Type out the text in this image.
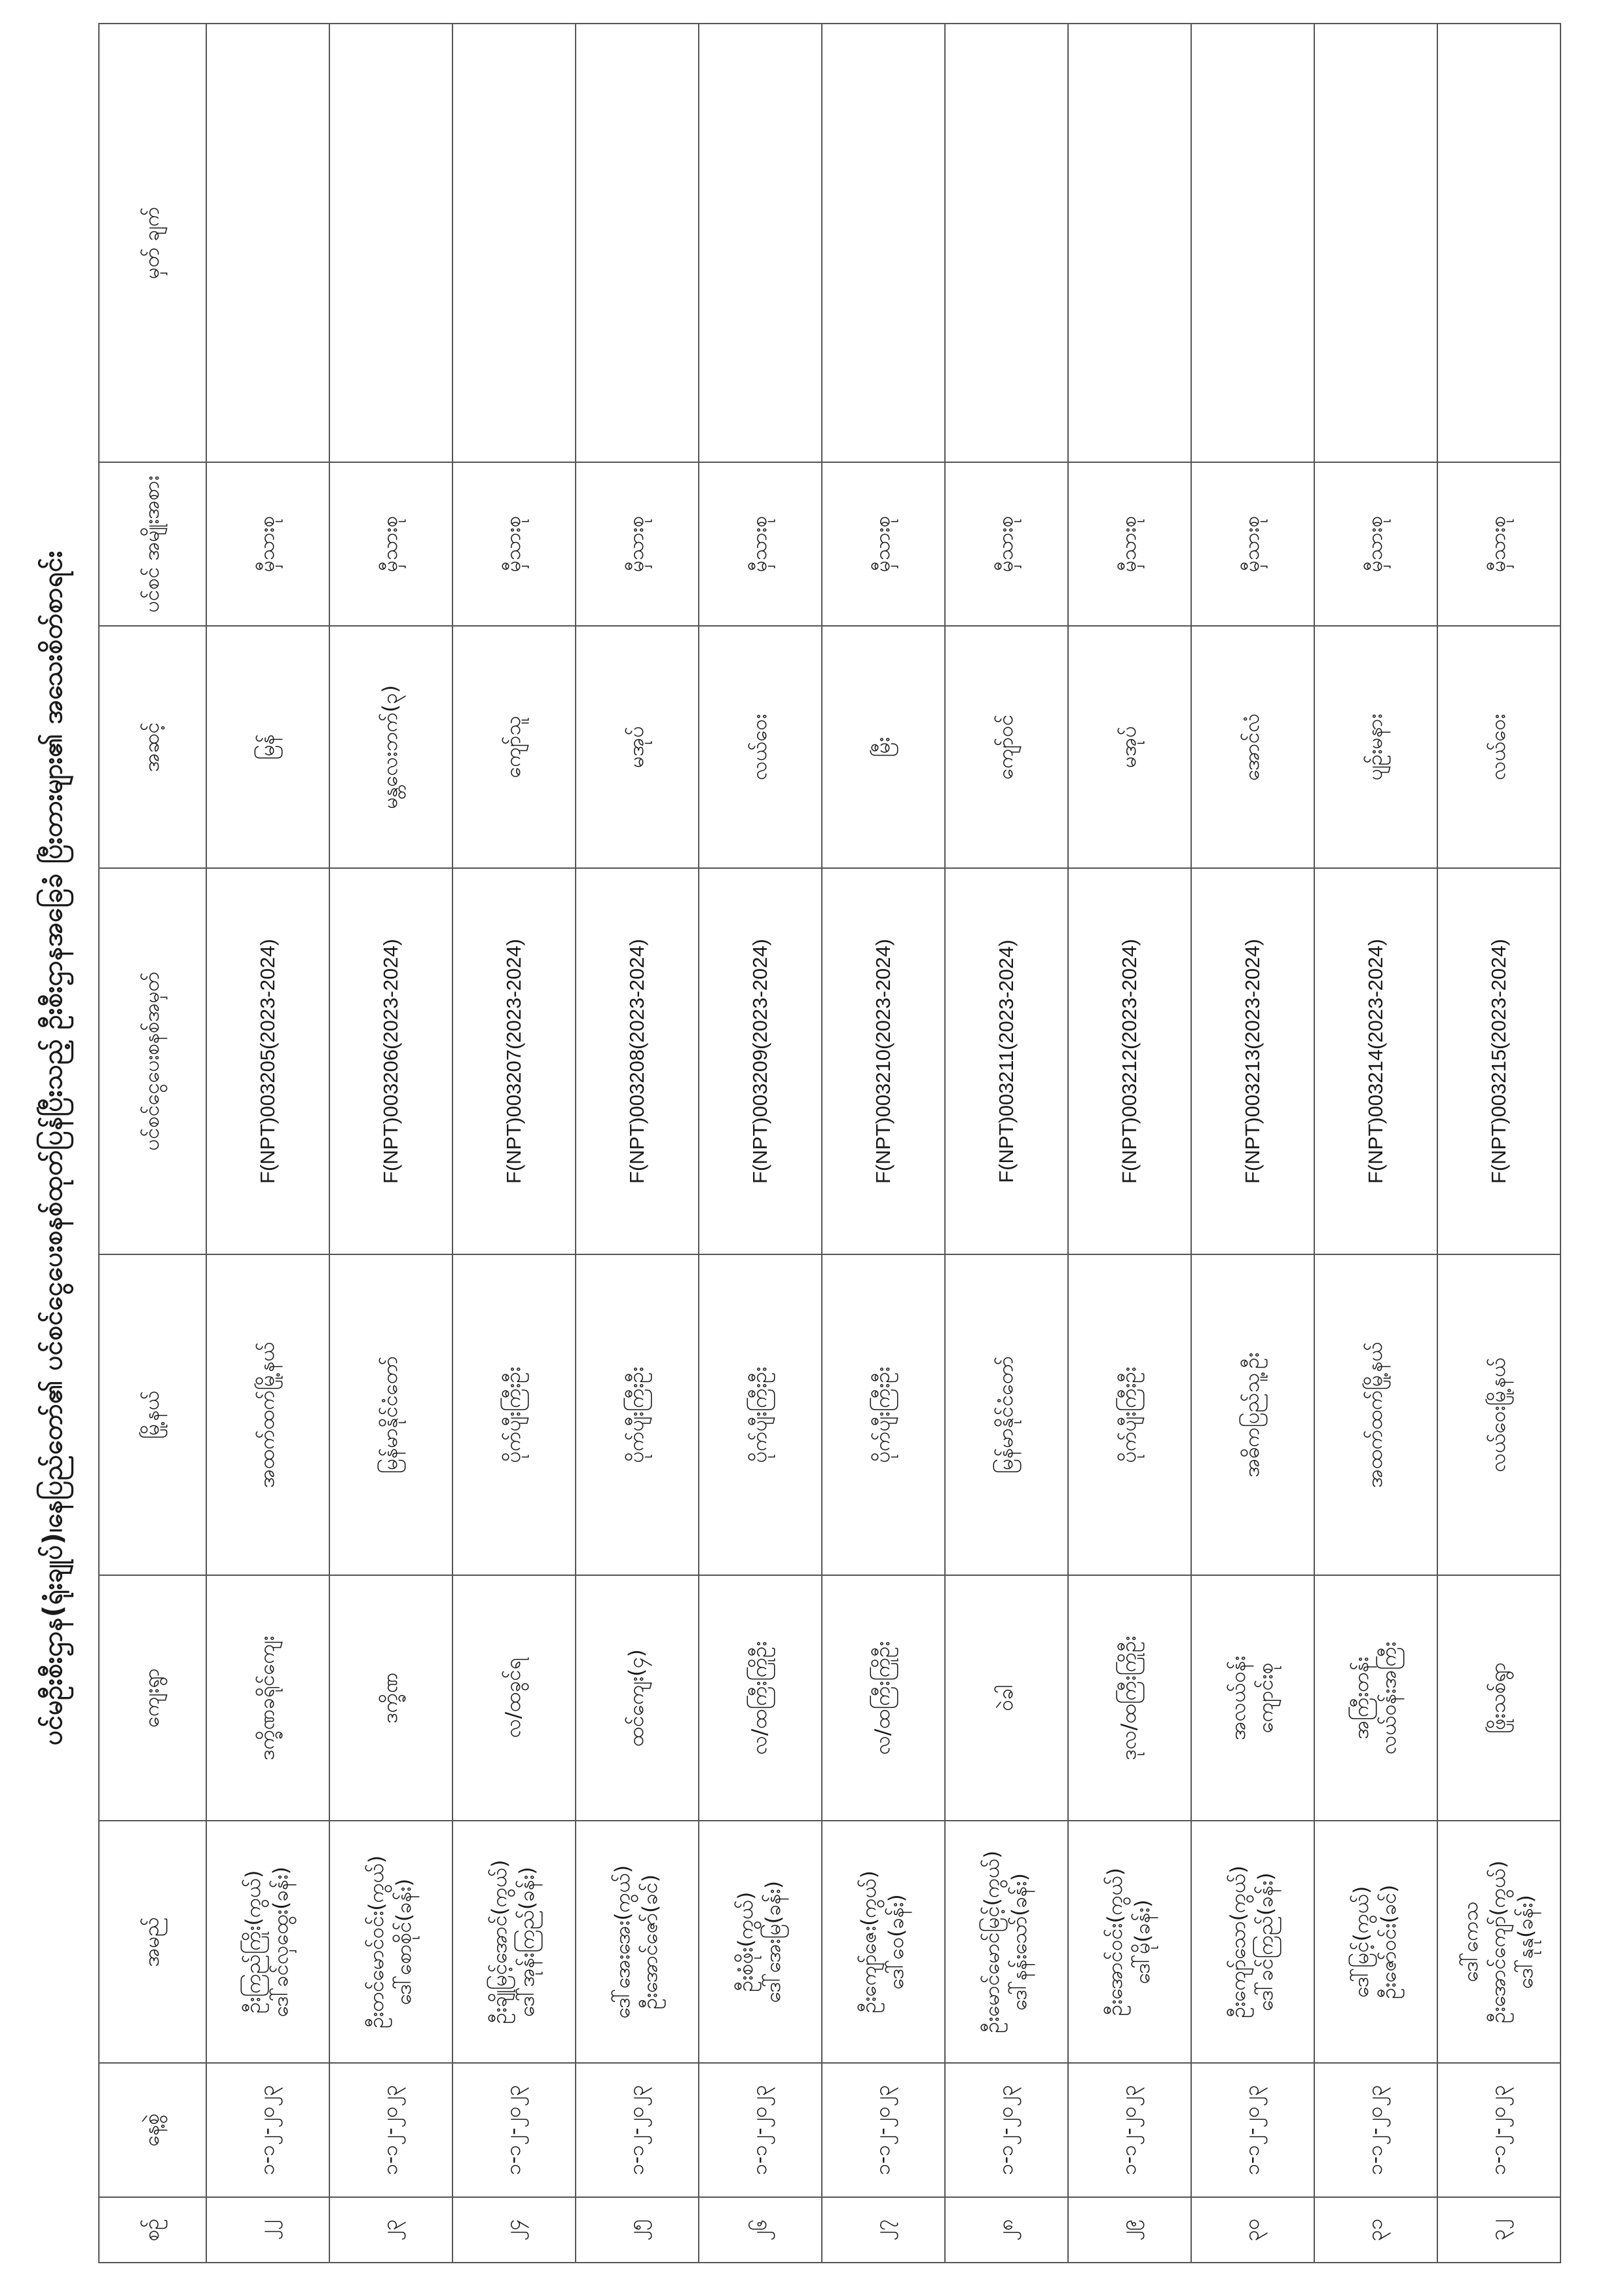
ပင်မဦးစီးဌာန(ရုံးချုပ်)၊နေပြည်တော်၏ ပင်စင်ငွေပေးစနစ်ထုတ်ပြန်ပြီးသည့် ဦးစီးဌာနအခြေခံ ပြီးတားများ၏ အသေးစိတ်စာရင်း
စဉ်	နေ့စွဲ	အမည်	ကျေးရွာ	မြို့နယ်	ပင်စင်ငွေပေးစနစ်အမှတ်	အဆင့်	ပင်စင် အမျိုးအစား	မှတ် ချက်
၂၂	၁-၁၂-၂၀၂၃	ဦးကြည်ကြိုး(ကွယ်) ဒေါ်ခင်လှထွေး(ခန်း)	ဒက္ခိဏခရိုင်ကျေး	အထက်ထက်မြို့နယ်	F(NPT)003205(2023-2024)	မြန်	မှီသားစု	
၂၃	၁-၁၂-၂၀၂၃	ဦးတင်မောင်ဝင်း(ကွယ်) ဒေါ်စောစိုင်(ခန်း)	ဒက္ခိဏ	မြန်မာနိုင်ငံတော်	F(NPT)003206(2023-2024)	မန္တလေးဘက်(၃)	မှီသားစု	
၂၄	၁-၁၂-၂၀၂၃	ဦးချိုမြင့်အောင်(ကွယ်) ဒေါ်အုန်းကြည်(ခန်း)	လ/ထခွင်ရ	ပိုက်ပျီးကြီးဦး	F(NPT)003207(2023-2024)	ကျော်သူ	မှီသားစု	
၂၅	၁-၁၂-၂၀၂၃	ဒေါ်အေးအေး(ကွယ်) ဦးအောင်ဇော်(ခင်)	ထင်ကျေး(၄)	ပိုက်ပျီးကြီးဦး	F(NPT)003208(2023-2024)	မအုပ်	မှီသားစု	
၂၆	၁-၁၂-၂၀၂၃	ဦးစံဖိုး(ကွယ်) ဒေါ်အေးမြ(ခန်း)	လ/ထကြီးကြိုဦး	ပိုက်ပျီးကြီးဦး	F(NPT)003209(2023-2024)	လယ်ဝေး	မှီသားစု	
၂၇	၁-၁၂-၂၀၂၃	ဦးကျော်ဇေး(ကွယ်) ဒေါ်ဝေ(ခန်း)	လ/ထကြီးကြိုဦး	ပိုက်ပျီးကြီးဦး	F(NPT)003210(2023-2024)	မြီး	မှီသားစု	
၂၈	၁-၁၂-၂၀၂၃	ဦးမောင်မောင်မြင့်(ကွယ်) ဒေါ်နန်းသော်(ခန်း)	ဝဲခါ	မြန်မာနိုင်ငံတော်	F(NPT)003211(2023-2024)	ကျော်ဝင်	မှီသားစု	
၂၉	၁-၁၂-၂၀၂၃	ဦးအောင်ဝင်း(ကွယ်) ဒေါ်မို(ခန်း)	ဒုလ/ထကြီးကြိုဦး	ပိုက်ပျီးကြီးဦး	F(NPT)003212(2023-2024)	မအုပ်	မှီသားစု	
၃၀	၁-၁၂-၂၀၂၃	ဦးကျော်သော(ကွယ်) ဒေါ်ခင်ကြည်(ခန်း)	အလယ်ဝန်း ကျောင်းစု	အဓိကပြည်သူ့ဦး	F(NPT)003213(2023-2024)	အောင်လံ	မှီသားစု	
၃၁	၁-၁၂-၂၀၂၃	ဒေါ်မြင့်(ကွယ်) ဦးဇော်ဝင်း(ခင်)	အကြီးတန်း လယ်ဝန်းအကြီး	အထက်ထက်မြို့နယ်	F(NPT)003214(2023-2024)	ပျဉ်းမနား	မှီသားစု	
၃၂	၁-၁၂-၂၀၂၃	ဒေါ်ကေသ ဦးအောင်ကျော်(ကွယ်) ဒေါ်နုနု(ခန်း)	ဖြိုးသစ်ရွာ	လယ်ဝေးမြို့နယ်	F(NPT)003215(2023-2024)	လယ်ဝေး	မှီသားစု	
